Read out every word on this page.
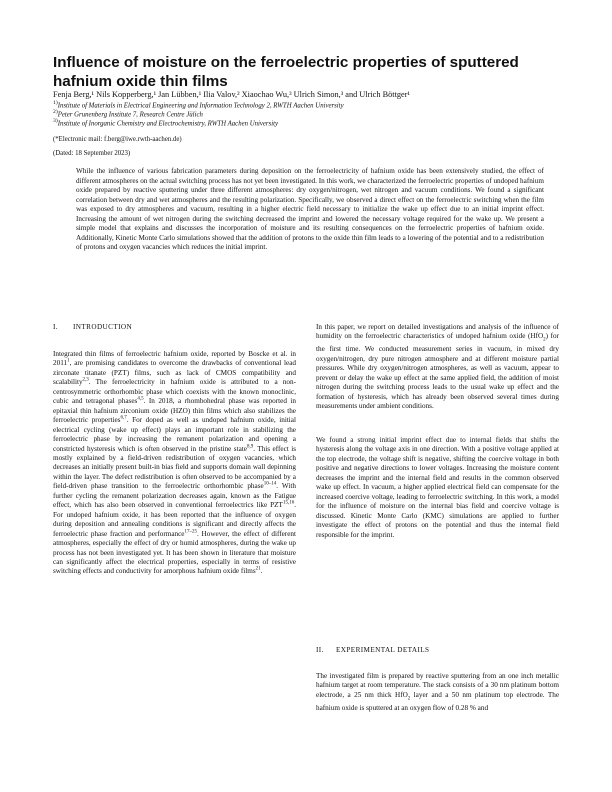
Influence of moisture on the ferroelectric properties of sputtered hafnium oxide thin films
Fenja Berg,¹ Nils Kopperberg,¹ Jan Lübben,¹ Ilia Valov,² Xiaochao Wu,³ Ulrich Simon,³ and Ulrich Böttger¹
$^{1)}$Institute of Materials in Electrical Engineering and Information Technology 2, RWTH Aachen University
$^{2)}$Peter Grunenberg Institute 7, Research Centre Jülich
$^{3)}$Institute of Inorganic Chemistry and Electrochemistry, RWTH Aachen University
(*Electronic mail: f.berg@iwe.rwth-aachen.de)
(Dated: 18 September 2023)

While the influence of various fabrication parameters during deposition on the ferroelectricity of hafnium oxide has been extensively studied, the effect of different atmospheres on the actual switching process has not yet been investigated. In this work, we characterized the ferroelectric properties of undoped hafnium oxide prepared by reactive sputtering under three different atmospheres: dry oxygen/nitrogen, wet nitrogen and vacuum conditions. We found a significant correlation between dry and wet atmospheres and the resulting polarization. Specifically, we observed a direct effect on the ferroelectric switching when the film was exposed to dry atmospheres and vacuum, resulting in a higher electric field necessary to initialize the wake up effect due to an initial imprint effect. Increasing the amount of wet nitrogen during the switching decreased the imprint and lowered the necessary voltage required for the wake up. We present a simple model that explains and discusses the incorporation of moisture and its resulting consequences on the ferroelectric properties of hafnium oxide. Additionally, Kinetic Monte Carlo simulations showed that the addition of protons to the oxide thin film leads to a lowering of the potential and to a redistribution of protons and oxygen vacancies which reduces the initial imprint.

I. INTRODUCTION

Integrated thin films of ferroelectric hafnium oxide, reported by Boscke et al. in 2011$^1$, are promising candidates to overcome the drawbacks of conventional lead zirconate titanate (PZT) films, such as lack of CMOS compatibility and scalability$^{2,3}$. The ferroelectricity in hafnium oxide is attributed to a non-centrosymmetric orthorhombic phase which coexists with the known monoclinic, cubic and tetragonal phases$^{4,5}$. In 2018, a rhombohedral phase was reported in epitaxial thin hafnium zirconium oxide (HZO) thin films which also stabilizes the ferroelectric properties$^{6,7}$. For doped as well as undoped hafnium oxide, initial electrical cycling (wake up effect) plays an important role in stabilizing the ferroelectric phase by increasing the remanent polarization and opening a constricted hysteresis which is often observed in the pristine state$^{8,9}$. This effect is mostly explained by a field-driven redistribution of oxygen vacancies, which decreases an initially present built-in bias field and supports domain wall depinning within the layer. The defect redistribution is often observed to be accompanied by a field-driven phase transition to the ferroelectric orthorhombic phase$^{10-14}$. With further cycling the remanent polarization decreases again, known as the Fatigue effect, which has also been observed in conventional ferroelectrics like PZT$^{15,16}$. For undoped hafnium oxide, it has been reported that the influence of oxygen during deposition and annealing conditions is significant and directly affects the ferroelectric phase fraction and performance$^{17-25}$. However, the effect of different atmospheres, especially the effect of dry or humid atmospheres, during the wake up process has not been investigated yet. It has been shown in literature that moisture can significantly affect the electrical properties, especially in terms of resistive switching effects and conductivity for amorphous hafnium oxide films$^{21}$.

In this paper, we report on detailed investigations and analysis of the influence of humidity on the ferroelectric characteristics of undoped hafnium oxide (HfO$_2$) for the first time. We conducted measurement series in vacuum, in mixed dry oxygen/nitrogen, dry pure nitrogen atmosphere and at different moisture partial pressures. While dry oxygen/nitrogen atmospheres, as well as vacuum, appear to prevent or delay the wake up effect at the same applied field, the addition of moist nitrogen during the switching process leads to the usual wake up effect and the formation of hysteresis, which has already been observed several times during measurements under ambient conditions.

We found a strong initial imprint effect due to internal fields that shifts the hysteresis along the voltage axis in one direction. With a positive voltage applied at the top electrode, the voltage shift is negative, shifting the coercive voltage in both positive and negative directions to lower voltages. Increasing the moisture content decreases the imprint and the internal field and results in the common observed wake up effect. In vacuum, a higher applied electrical field can compensate for the increased coercive voltage, leading to ferroelectric switching. In this work, a model for the influence of moisture on the internal bias field and coercive voltage is discussed. Kinetic Monte Carlo (KMC) simulations are applied to further investigate the effect of protons on the potential and thus the internal field responsible for the imprint.

II. EXPERIMENTAL DETAILS

The investigated film is prepared by reactive sputtering from an one inch metallic hafnium target at room temperature. The stack consists of a 30 nm platinum bottom electrode, a 25 nm thick HfO$_2$ layer and a 50 nm platinum top electrode. The hafnium oxide is sputtered at an oxygen flow of 0.28 % and
